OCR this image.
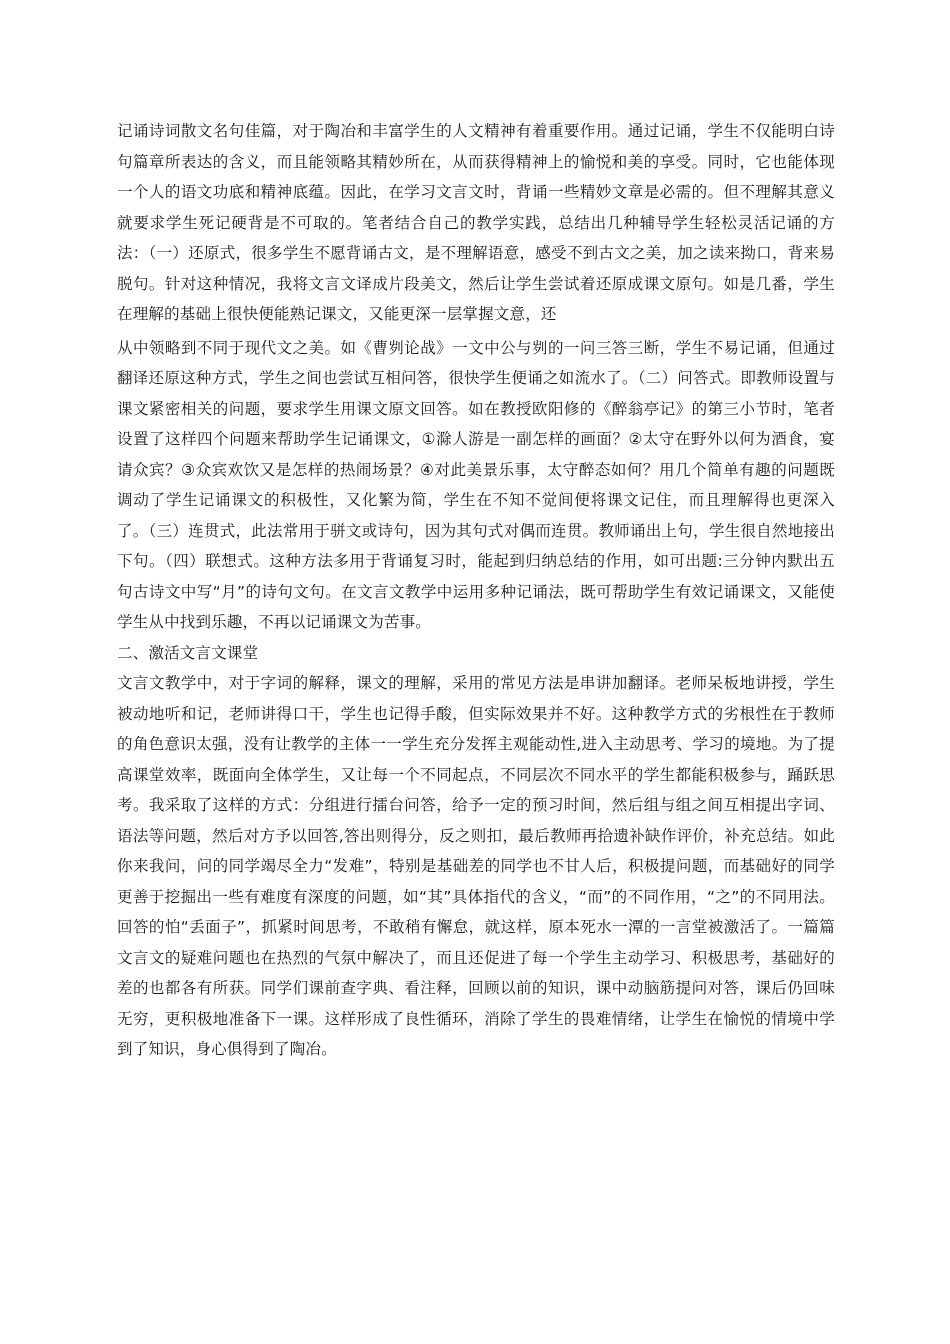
记诵诗词散文名句佳篇，对于陶冶和丰富学生的人文精神有着重要作用。通过记诵，学生不仅能明白诗句篇章所表达的含义，而且能领略其精妙所在，从而获得精神上的愉悦和美的享受。同时，它也能体现一个人的语文功底和精神底蕴。因此，在学习文言文时，背诵一些精妙文章是必需的。但不理解其意义就要求学生死记硬背是不可取的。笔者结合自己的教学实践，总结出几种辅导学生轻松灵活记诵的方法：（一）还原式，很多学生不愿背诵古文，是不理解语意，感受不到古文之美，加之读来拗口，背来易脱句。针对这种情况，我将文言文译成片段美文，然后让学生尝试着还原成课文原句。如是几番，学生在理解的基础上很快便能熟记课文，又能更深一层掌握文意，还

从中领略到不同于现代文之美。如《曹刿论战》一文中公与刿的一问三答三断，学生不易记诵，但通过翻译还原这种方式，学生之间也尝试互相问答，很快学生便诵之如流水了。（二）问答式。即教师设置与课文紧密相关的问题，要求学生用课文原文回答。如在教授欧阳修的《醉翁亭记》的第三小节时，笔者设置了这样四个问题来帮助学生记诵课文，①滁人游是一副怎样的画面？②太守在野外以何为酒食，宴请众宾？③众宾欢饮又是怎样的热闹场景？④对此美景乐事，太守醉态如何？用几个简单有趣的问题既调动了学生记诵课文的积极性，又化繁为简，学生在不知不觉间便将课文记住，而且理解得也更深入了。（三）连贯式，此法常用于骈文或诗句，因为其句式对偶而连贯。教师诵出上句，学生很自然地接出下句。（四）联想式。这种方法多用于背诵复习时，能起到归纳总结的作用，如可出题:三分钟内默出五句古诗文中写“月”的诗句文句。在文言文教学中运用多种记诵法，既可帮助学生有效记诵课文，又能使学生从中找到乐趣，不再以记诵课文为苦事。

二、激活文言文课堂

文言文教学中，对于字词的解释，课文的理解，采用的常见方法是串讲加翻译。老师呆板地讲授，学生被动地听和记，老师讲得口干，学生也记得手酸，但实际效果并不好。这种教学方式的劣根性在于教师的角色意识太强，没有让教学的主体一一学生充分发挥主观能动性,进入主动思考、学习的境地。为了提高课堂效率，既面向全体学生，又让每一个不同起点，不同层次不同水平的学生都能积极参与，踊跃思考。我采取了这样的方式：分组进行擂台问答，给予一定的预习时间，然后组与组之间互相提出字词、语法等问题，然后对方予以回答,答出则得分，反之则扣，最后教师再拾遗补缺作评价，补充总结。如此你来我问，问的同学竭尽全力“发难”，特别是基础差的同学也不甘人后，积极提问题，而基础好的同学更善于挖掘出一些有难度有深度的问题，如“其”具体指代的含义，“而”的不同作用，“之”的不同用法。回答的怕“丢面子”，抓紧时间思考，不敢稍有懈怠，就这样，原本死水一潭的一言堂被激活了。一篇篇文言文的疑难问题也在热烈的气氛中解决了，而且还促进了每一个学生主动学习、积极思考，基础好的差的也都各有所获。同学们课前查字典、看注释，回顾以前的知识，课中动脑筋提问对答，课后仍回味无穷，更积极地准备下一课。这样形成了良性循环，消除了学生的畏难情绪，让学生在愉悦的情境中学到了知识，身心俱得到了陶冶。
